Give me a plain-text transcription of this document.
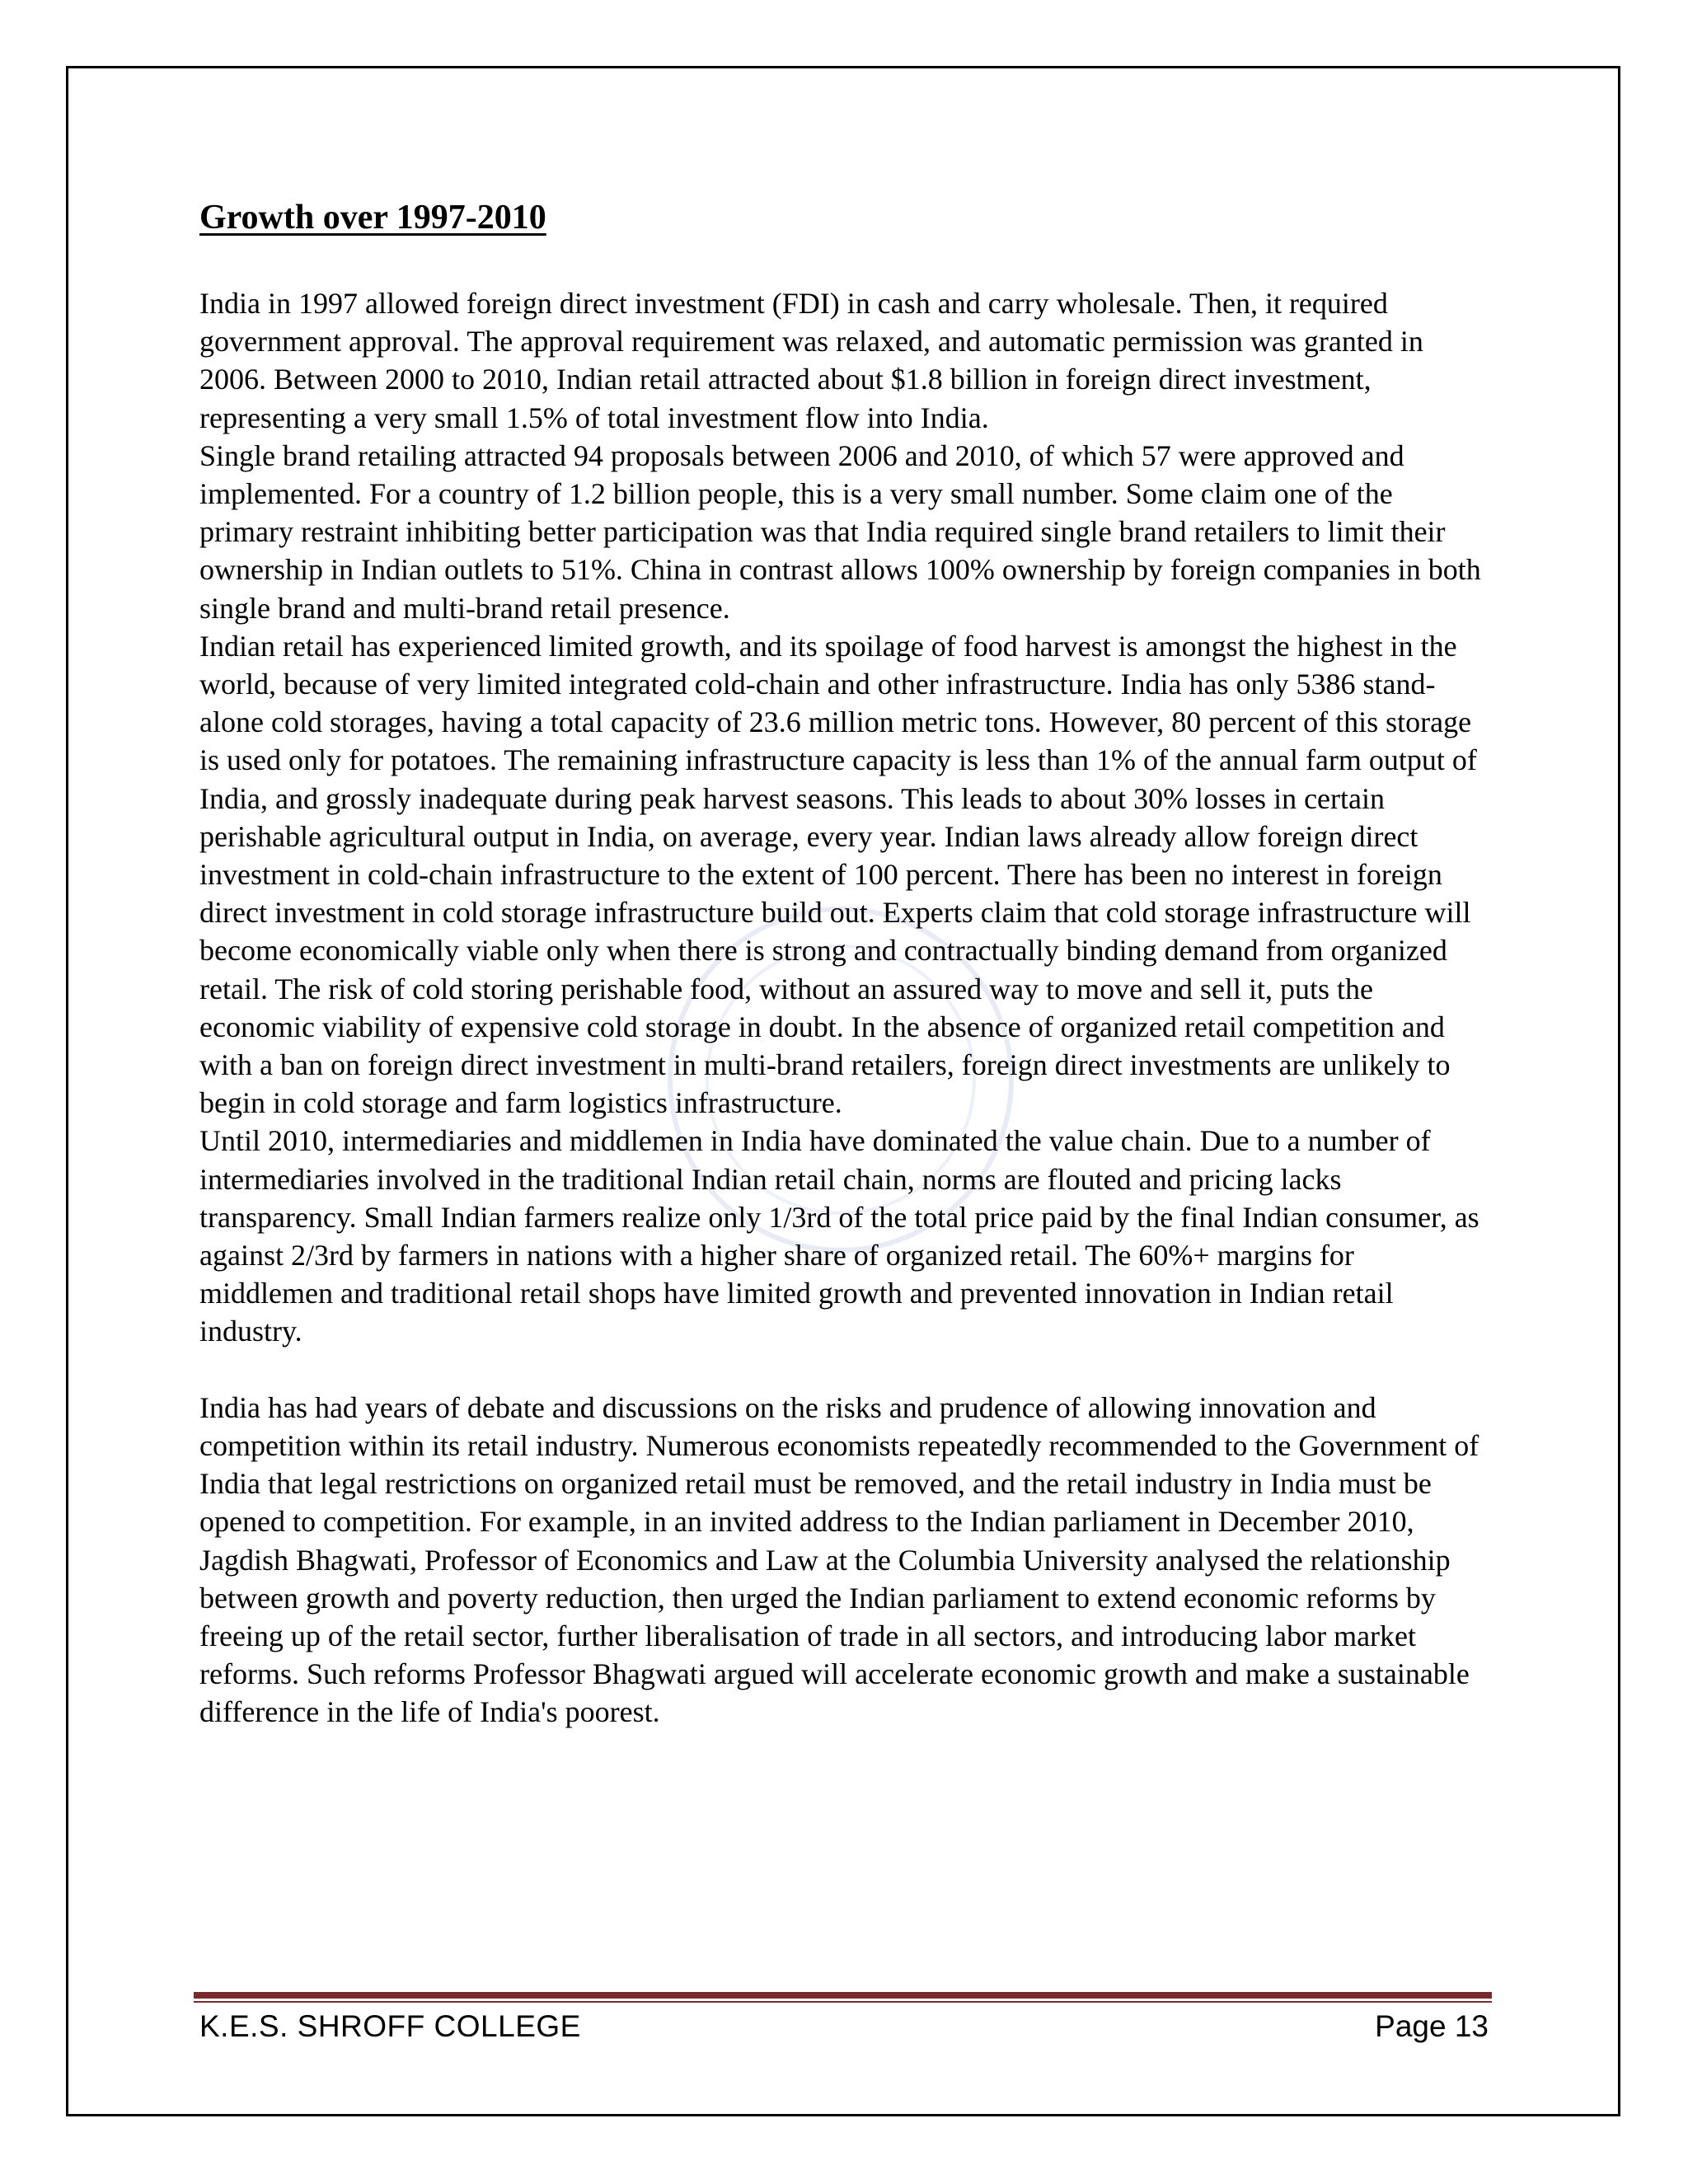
Growth over 1997-2010

India in 1997 allowed foreign direct investment (FDI) in cash and carry wholesale. Then, it required government approval. The approval requirement was relaxed, and automatic permission was granted in 2006. Between 2000 to 2010, Indian retail attracted about $1.8 billion in foreign direct investment, representing a very small 1.5% of total investment flow into India.

Single brand retailing attracted 94 proposals between 2006 and 2010, of which 57 were approved and implemented. For a country of 1.2 billion people, this is a very small number. Some claim one of the primary restraint inhibiting better participation was that India required single brand retailers to limit their ownership in Indian outlets to 51%. China in contrast allows 100% ownership by foreign companies in both single brand and multi-brand retail presence.

Indian retail has experienced limited growth, and its spoilage of food harvest is amongst the highest in the world, because of very limited integrated cold-chain and other infrastructure. India has only 5386 stand-alone cold storages, having a total capacity of 23.6 million metric tons. However, 80 percent of this storage is used only for potatoes. The remaining infrastructure capacity is less than 1% of the annual farm output of India, and grossly inadequate during peak harvest seasons. This leads to about 30% losses in certain perishable agricultural output in India, on average, every year. Indian laws already allow foreign direct investment in cold-chain infrastructure to the extent of 100 percent. There has been no interest in foreign direct investment in cold storage infrastructure build out. Experts claim that cold storage infrastructure will become economically viable only when there is strong and contractually binding demand from organized retail. The risk of cold storing perishable food, without an assured way to move and sell it, puts the economic viability of expensive cold storage in doubt. In the absence of organized retail competition and with a ban on foreign direct investment in multi-brand retailers, foreign direct investments are unlikely to begin in cold storage and farm logistics infrastructure.

Until 2010, intermediaries and middlemen in India have dominated the value chain. Due to a number of intermediaries involved in the traditional Indian retail chain, norms are flouted and pricing lacks transparency. Small Indian farmers realize only 1/3rd of the total price paid by the final Indian consumer, as against 2/3rd by farmers in nations with a higher share of organized retail. The 60%+ margins for middlemen and traditional retail shops have limited growth and prevented innovation in Indian retail industry.

India has had years of debate and discussions on the risks and prudence of allowing innovation and competition within its retail industry. Numerous economists repeatedly recommended to the Government of India that legal restrictions on organized retail must be removed, and the retail industry in India must be opened to competition. For example, in an invited address to the Indian parliament in December 2010, Jagdish Bhagwati, Professor of Economics and Law at the Columbia University analysed the relationship between growth and poverty reduction, then urged the Indian parliament to extend economic reforms by freeing up of the retail sector, further liberalisation of trade in all sectors, and introducing labor market reforms. Such reforms Professor Bhagwati argued will accelerate economic growth and make a sustainable difference in the life of India's poorest.

K.E.S. SHROFF COLLEGE	Page 13
